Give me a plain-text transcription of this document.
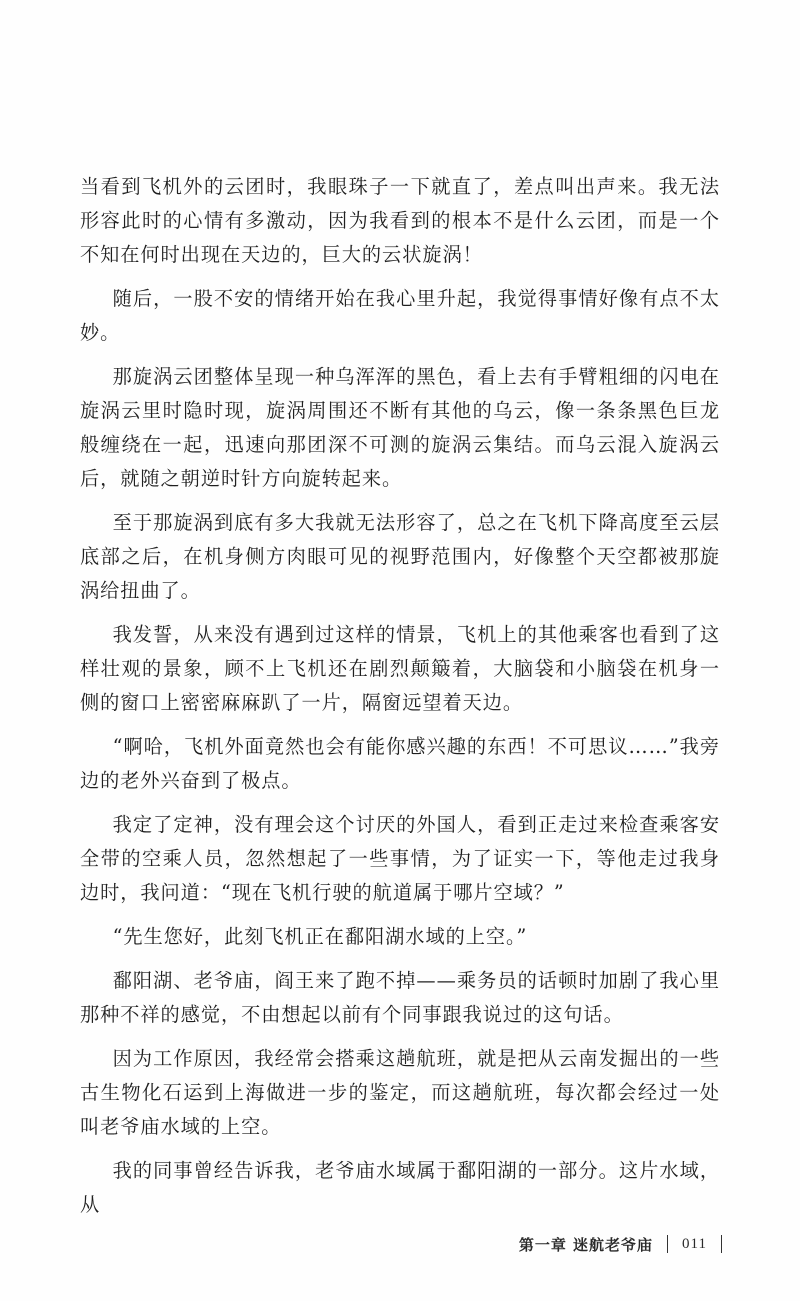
当看到飞机外的云团时，我眼珠子一下就直了，差点叫出声来。我无法形容此时的心情有多激动，因为我看到的根本不是什么云团，而是一个不知在何时出现在天边的，巨大的云状旋涡！

随后，一股不安的情绪开始在我心里升起，我觉得事情好像有点不太妙。

那旋涡云团整体呈现一种乌浑浑的黑色，看上去有手臂粗细的闪电在旋涡云里时隐时现，旋涡周围还不断有其他的乌云，像一条条黑色巨龙般缠绕在一起，迅速向那团深不可测的旋涡云集结。而乌云混入旋涡云后，就随之朝逆时针方向旋转起来。

至于那旋涡到底有多大我就无法形容了，总之在飞机下降高度至云层底部之后，在机身侧方肉眼可见的视野范围内，好像整个天空都被那旋涡给扭曲了。

我发誓，从来没有遇到过这样的情景，飞机上的其他乘客也看到了这样壮观的景象，顾不上飞机还在剧烈颠簸着，大脑袋和小脑袋在机身一侧的窗口上密密麻麻趴了一片，隔窗远望着天边。

“啊哈，飞机外面竟然也会有能你感兴趣的东西！不可思议……”我旁边的老外兴奋到了极点。

我定了定神，没有理会这个讨厌的外国人，看到正走过来检查乘客安全带的空乘人员，忽然想起了一些事情，为了证实一下，等他走过我身边时，我问道：“现在飞机行驶的航道属于哪片空域？”

“先生您好，此刻飞机正在鄱阳湖水域的上空。”

鄱阳湖、老爷庙，阎王来了跑不掉——乘务员的话顿时加剧了我心里那种不祥的感觉，不由想起以前有个同事跟我说过的这句话。

因为工作原因，我经常会搭乘这趟航班，就是把从云南发掘出的一些古生物化石运到上海做进一步的鉴定，而这趟航班，每次都会经过一处叫老爷庙水域的上空。

我的同事曾经告诉我，老爷庙水域属于鄱阳湖的一部分。这片水域，从

第一章 迷航老爷庙 011
